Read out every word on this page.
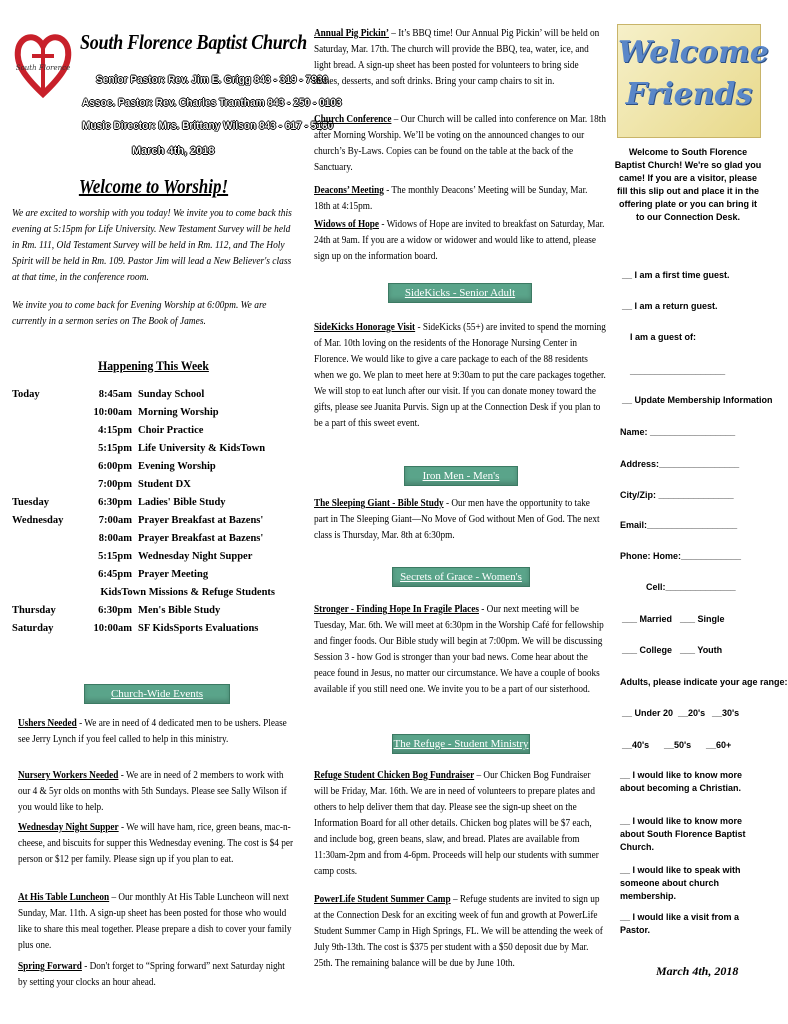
South Florence
South Florence Baptist Church
Senior Pastor: Rev. Jim E. Grigg 843 - 319 - 7930
Assoc. Pastor: Rev. Charles Trantham 843 - 250 - 0103
Music Director: Mrs. Brittany Wilson 843 - 617 - 5180
March 4th, 2018
Welcome to Worship!
We are excited to worship with you today! We invite you to come back this evening at 5:15pm for Life University. New Testament Survey will be held in Rm. 111, Old Testament Survey will be held in Rm. 112, and The Holy Spirit will be held in Rm. 109. Pastor Jim will lead a New Believer's class at that time, in the conference room.
We invite you to come back for Evening Worship at 6:00pm. We are currently in a sermon series on The Book of James.
Happening This Week
Today	8:45am Sunday School
10:00am Morning Worship
4:15pm Choir Practice
5:15pm Life University & KidsTown
6:00pm Evening Worship
7:00pm Student DX
Tuesday	6:30pm Ladies' Bible Study
Wednesday	7:00am Prayer Breakfast at Bazens'
8:00am Prayer Breakfast at Bazens'
5:15pm Wednesday Night Supper
6:45pm Prayer Meeting
KidsTown Missions & Refuge Students
Thursday	6:30pm Men's Bible Study
Saturday	10:00am SF KidsSports Evaluations
Church-Wide Events
Ushers Needed - We are in need of 4 dedicated men to be ushers. Please see Jerry Lynch if you feel called to help in this ministry.
Nursery Workers Needed - We are in need of 2 members to work with our 4 & 5yr olds on months with 5th Sundays. Please see Sally Wilson if you would like to help.
Wednesday Night Supper - We will have ham, rice, green beans, mac-n-cheese, and biscuits for supper this Wednesday evening. The cost is $4 per person or $12 per family. Please sign up if you plan to eat.
At His Table Luncheon – Our monthly At His Table Luncheon will next Sunday, Mar. 11th. A sign-up sheet has been posted for those who would like to share this meal together. Please prepare a dish to cover your family plus one.
Spring Forward - Don't forget to “Spring forward” next Saturday night by setting your clocks an hour ahead.
Annual Pig Pickin’ – It’s BBQ time! Our Annual Pig Pickin’ will be held on Saturday, Mar. 17th. The church will provide the BBQ, tea, water, ice, and light bread. A sign-up sheet has been posted for volunteers to bring side dishes, desserts, and soft drinks. Bring your camp chairs to sit in.
Church Conference – Our Church will be called into conference on Mar. 18th after Morning Worship. We’ll be voting on the announced changes to our church’s By-Laws. Copies can be found on the table at the back of the Sanctuary.
Deacons’ Meeting - The monthly Deacons’ Meeting will be Sunday, Mar. 18th at 4:15pm.
Widows of Hope - Widows of Hope are invited to breakfast on Saturday, Mar. 24th at 9am. If you are a widow or widower and would like to attend, please sign up on the information board.
SideKicks - Senior Adult Ministry
SideKicks Honorage Visit - SideKicks (55+) are invited to spend the morning of Mar. 10th loving on the residents of the Honorage Nursing Center in Florence. We would like to give a care package to each of the 88 residents when we go. We plan to meet here at 9:30am to put the care packages together. We will stop to eat lunch after our visit. If you can donate money toward the gifts, please see Juanita Purvis. Sign up at the Connection Desk if you plan to be a part of this sweet event.
Iron Men - Men's Ministry
The Sleeping Giant - Bible Study - Our men have the opportunity to take part in The Sleeping Giant—No Move of God without Men of God. The next class is Thursday, Mar. 8th at 6:30pm.
Secrets of Grace - Women's Ministry
Stronger - Finding Hope In Fragile Places - Our next meeting will be Tuesday, Mar. 6th. We will meet at 6:30pm in the Worship Café for fellowship and finger foods. Our Bible study will begin at 7:00pm. We will be discussing Session 3 - how God is stronger than your bad news. Come hear about the peace found in Jesus, no matter our circumstance. We have a couple of books available if you still need one. We invite you to be a part of our sisterhood.
The Refuge - Student Ministry
Refuge Student Chicken Bog Fundraiser – Our Chicken Bog Fundraiser will be Friday, Mar. 16th. We are in need of volunteers to prepare plates and others to help deliver them that day. Please see the sign-up sheet on the Information Board for all other details. Chicken bog plates will be $7 each, and include bog, green beans, slaw, and bread. Plates are available from 11:30am-2pm and from 4-6pm. Proceeds will help our students with summer camp costs.
PowerLife Student Summer Camp – Refuge students are invited to sign up at the Connection Desk for an exciting week of fun and growth at PowerLife Student Summer Camp in High Springs, FL. We will be attending the week of July 9th-13th. The cost is $375 per student with a $50 deposit due by Mar. 25th. The remaining balance will be due by June 10th.
Welcome
Friends
Welcome to South Florence Baptist Church! We're so glad you came! If you are a visitor, please fill this slip out and place it in the offering plate or you can bring it to our Connection Desk.
__ I am a first time guest.
__ I am a return guest.
I am a guest of:
___________________
__ Update Membership Information
Name: _________________
Address:________________
City/Zip: _______________
Email:__________________
Phone: Home:____________
Cell:______________
___ Married ___ Single
___ College ___ Youth
Adults, please indicate your age range:
__ Under 20 __20's __30's
__40's __50's __60+
__ I would like to know more about becoming a Christian.
__ I would like to know more about South Florence Baptist Church.
__ I would like to speak with someone about church membership.
__ I would like a visit from a Pastor.
March 4th, 2018
